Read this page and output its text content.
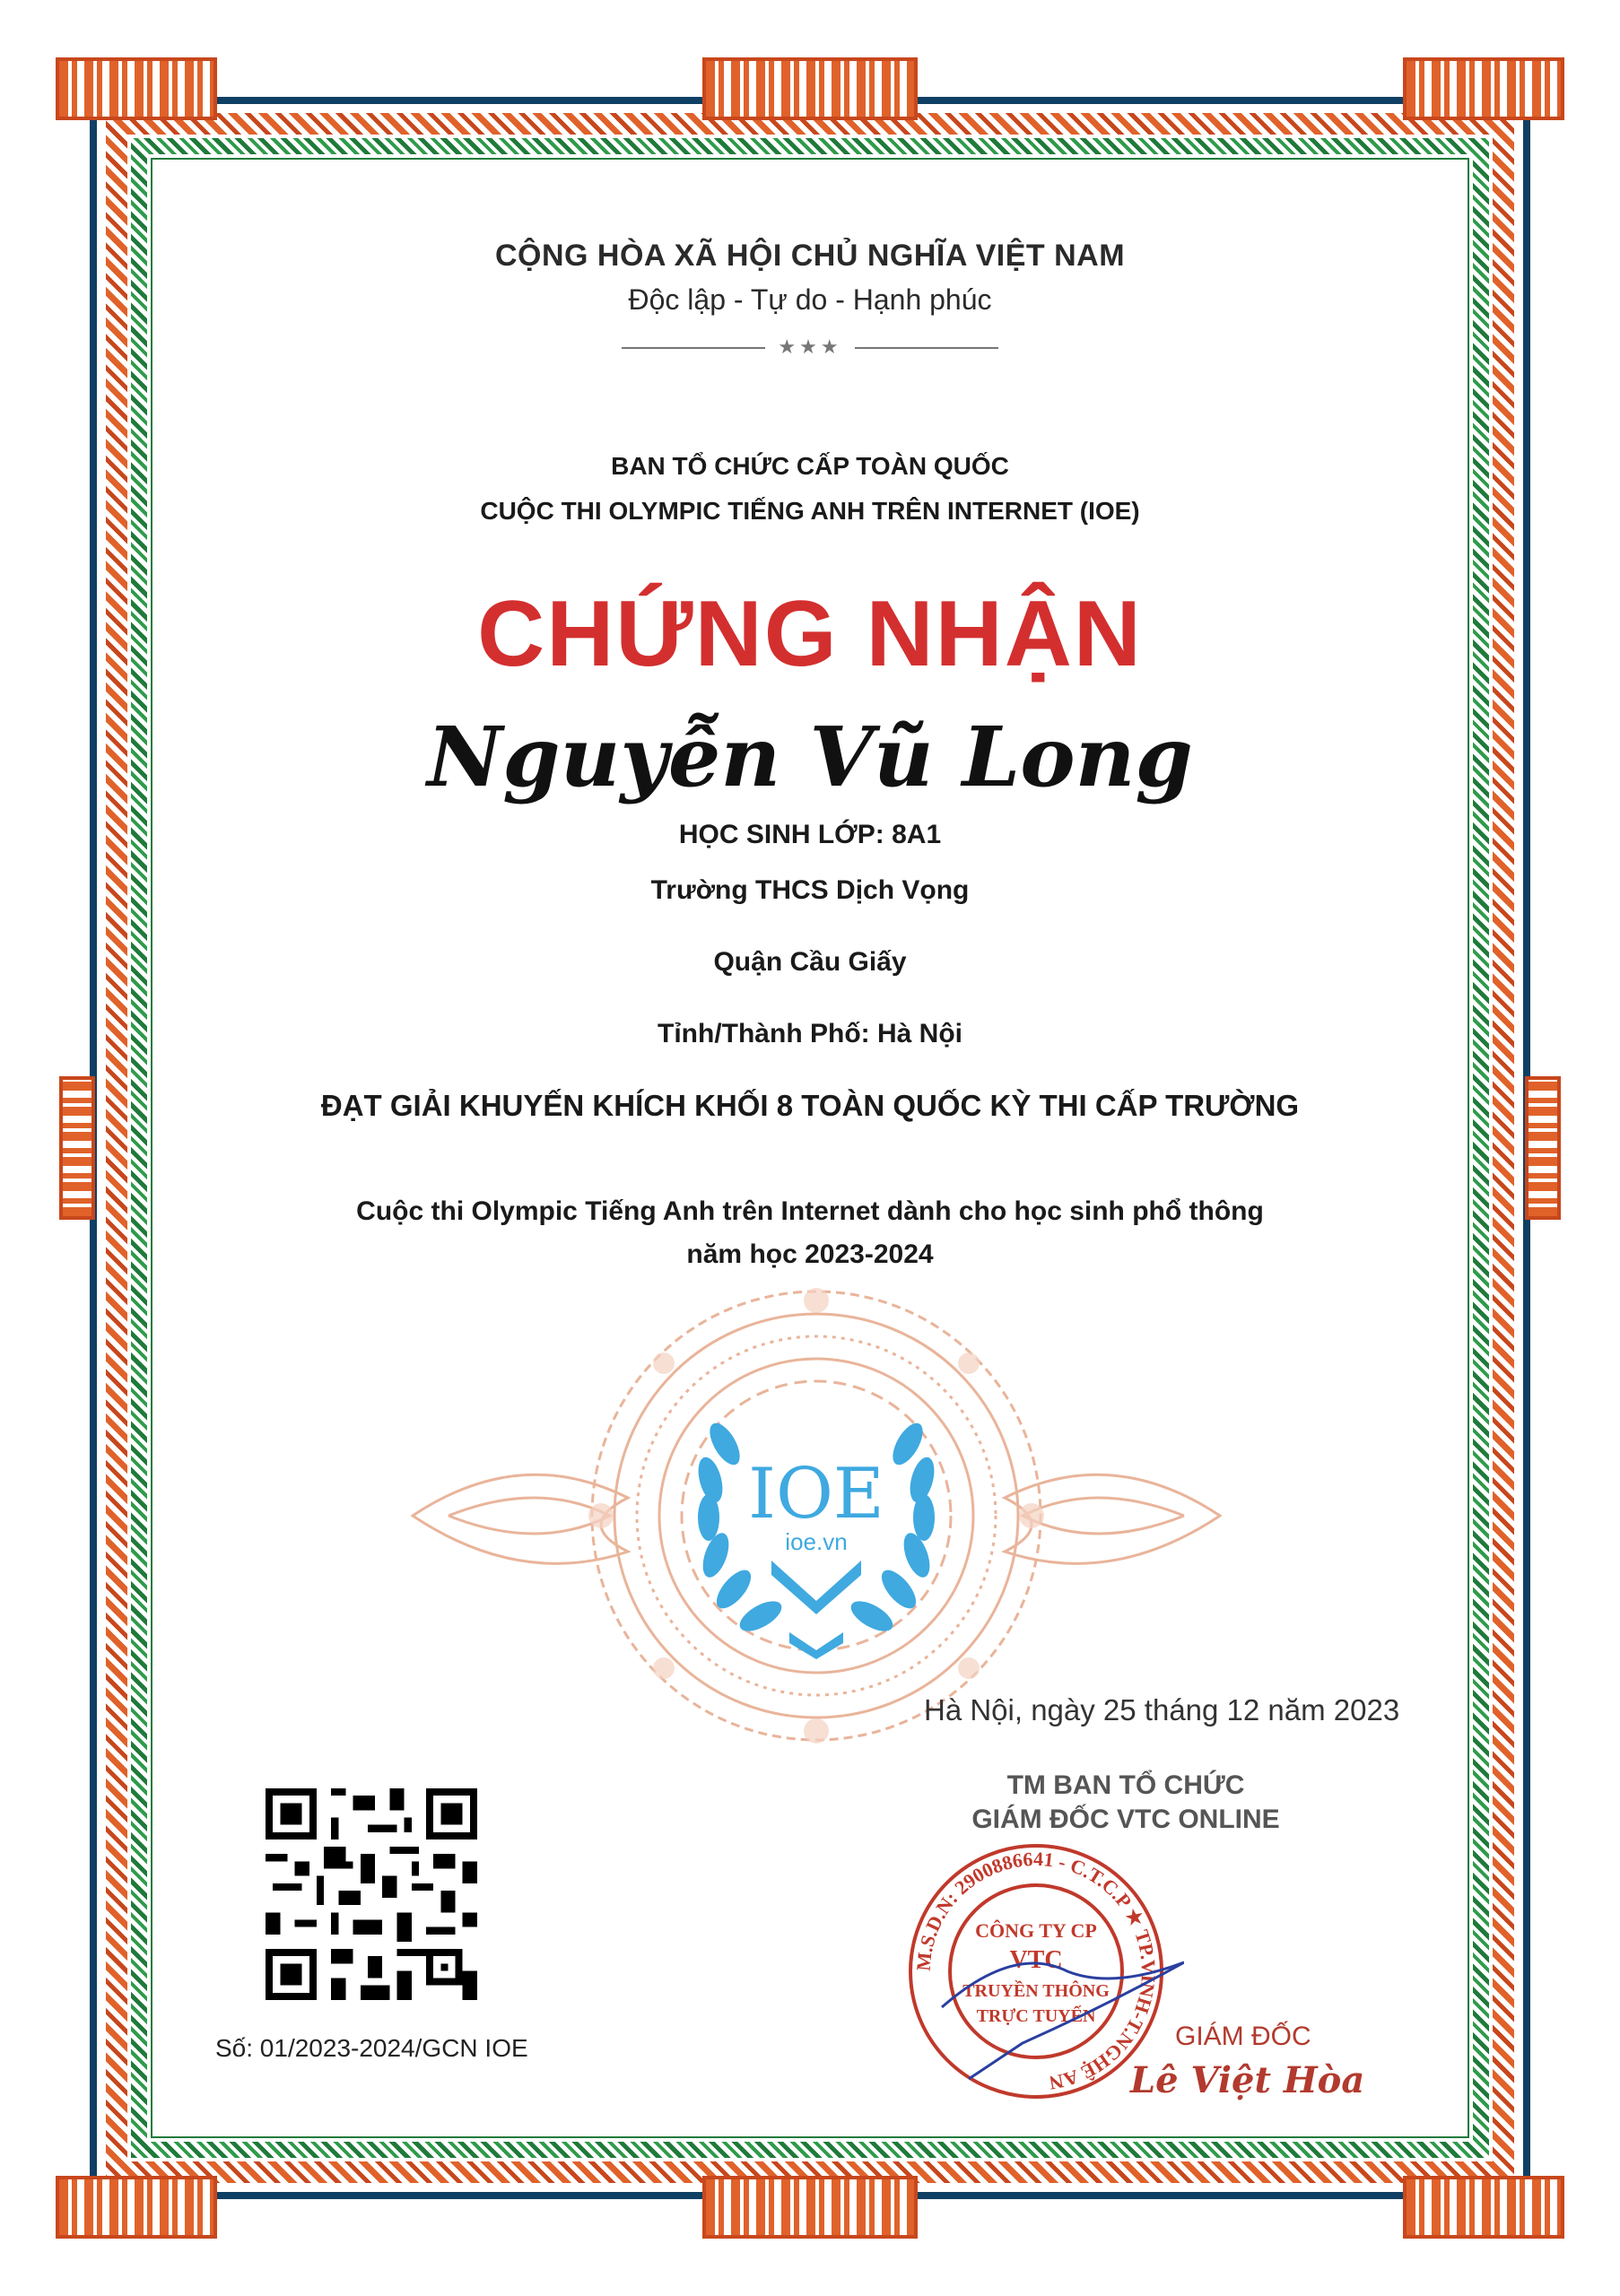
CỘNG HÒA XÃ HỘI CHỦ NGHĨA VIỆT NAM
Độc lập - Tự do - Hạnh phúc
★★★
BAN TỔ CHỨC CẤP TOÀN QUỐC
CUỘC THI OLYMPIC TIẾNG ANH TRÊN INTERNET (IOE)
CHỨNG NHẬN
Nguyễn Vũ Long
HỌC SINH LỚP: 8A1
Trường THCS Dịch Vọng
Quận Cầu Giấy
Tỉnh/Thành Phố: Hà Nội
ĐẠT GIẢI KHUYẾN KHÍCH KHỐI 8 TOÀN QUỐC KỲ THI CẤP TRƯỜNG
Cuộc thi Olympic Tiếng Anh trên Internet dành cho học sinh phổ thông
năm học 2023-2024
IOE
ioe.vn
Hà Nội, ngày 25 tháng 12 năm 2023
Số: 01/2023-2024/GCN IOE
TM BAN TỔ CHỨC
GIÁM ĐỐC VTC ONLINE
M.S.D.N: 2900886641 - C.T.C.P ★ TP.VINH-T.NGHỆ AN
CÔNG TY CP
VTC
TRUYỀN THÔNG
TRỰC TUYẾN
GIÁM ĐỐC
Lê Việt Hòa
